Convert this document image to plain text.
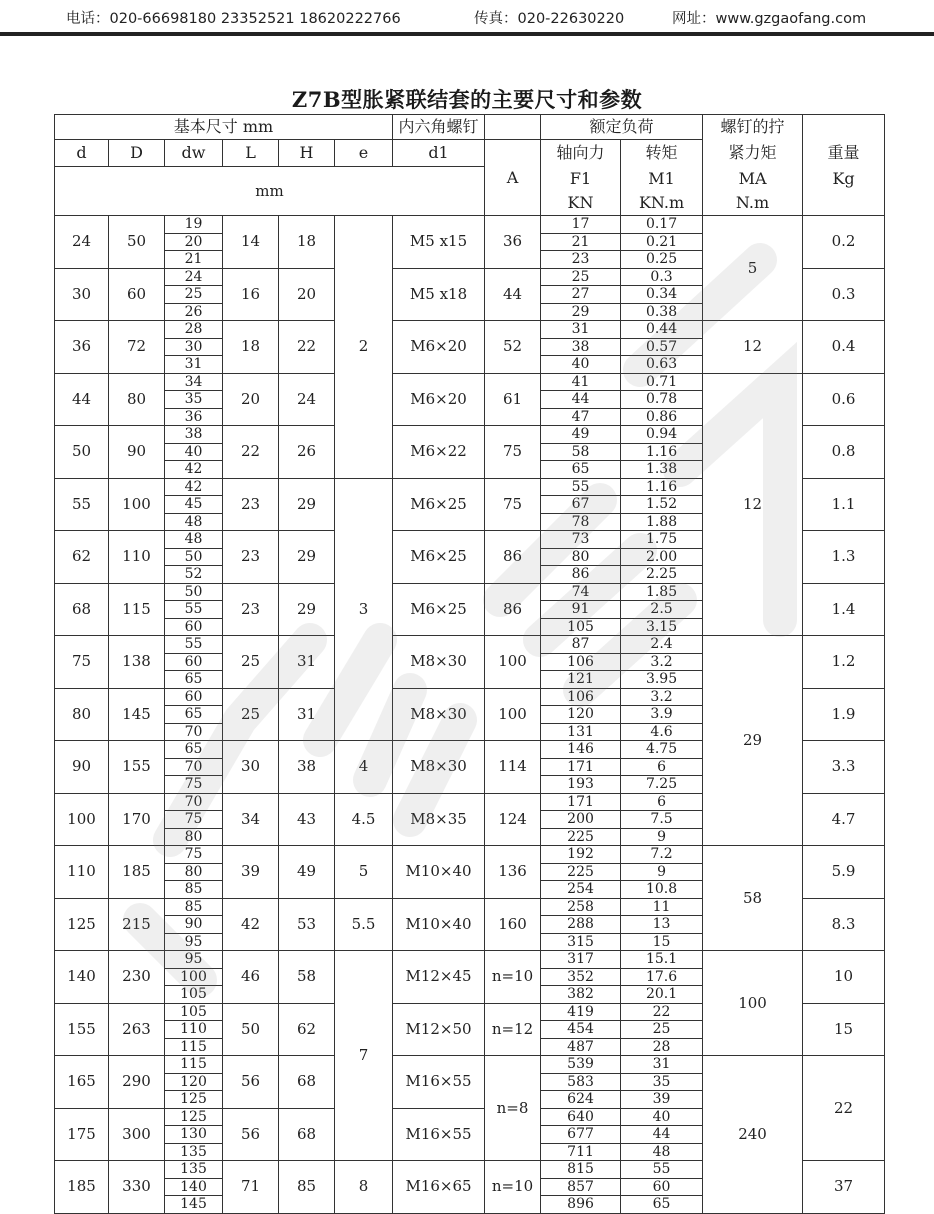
电话：020-66698180 23352521 18620222766	传真：020-22630220	网址：www.gzgaofang.com
Z7B型胀紧联结套的主要尺寸和参数
基本尺寸 mm						内六角螺钉		额定负荷		螺钉的拧	
d	D	dw	L	H	e	d1	A	轴向力	转矩	紧力矩	重量
mm								F1	M1	MA	Kg
								KN	KN.m	N.m	
24	50	19	14	18	2	M5 x15	36	17	0.17	5	0.2
		20						21	0.21		
		21						23	0.25		
30	60	24	16	20		M5 x18	44	25	0.3		0.3
		25						27	0.34		
		26						29	0.38		
36	72	28	18	22		M6×20	52	31	0.44	12	0.4
		30						38	0.57		
		31						40	0.63		
44	80	34	20	24		M6×20	61	41	0.71	12	0.6
		35						44	0.78		
		36						47	0.86		
50	90	38	22	26		M6×22	75	49	0.94		0.8
		40						58	1.16		
		42						65	1.38		
55	100	42	23	29	3	M6×25	75	55	1.16		1.1
		45						67	1.52		
		48						78	1.88		
62	110	48	23	29		M6×25	86	73	1.75		1.3
		50						80	2.00		
		52						86	2.25		
68	115	50	23	29		M6×25	86	74	1.85		1.4
		55						91	2.5		
		60						105	3.15		
75	138	55	25	31		M8×30	100	87	2.4	29	1.2
		60						106	3.2		
		65						121	3.95		
80	145	60	25	31		M8×30	100	106	3.2		1.9
		65						120	3.9		
		70						131	4.6		
90	155	65	30	38	4	M8×30	114	146	4.75		3.3
		70						171	6		
		75						193	7.25		
100	170	70	34	43	4.5	M8×35	124	171	6		4.7
		75						200	7.5		
		80						225	9		
110	185	75	39	49	5	M10×40	136	192	7.2	58	5.9
		80						225	9		
		85						254	10.8		
125	215	85	42	53	5.5	M10×40	160	258	11		8.3
		90						288	13		
		95						315	15		
140	230	95	46	58	7	M12×45	n=10	317	15.1	100	10
		100						352	17.6		
		105						382	20.1		
155	263	105	50	62		M12×50	n=12	419	22		15
		110						454	25		
		115						487	28		
165	290	115	56	68		M16×55	n=8	539	31	240	22
		120						583	35		
		125						624	39		
175	300	125	56	68		M16×55		640	40		
		130						677	44		
		135						711	48		
185	330	135	71	85	8	M16×65	n=10	815	55		37
		140						857	60		
		145						896	65		
